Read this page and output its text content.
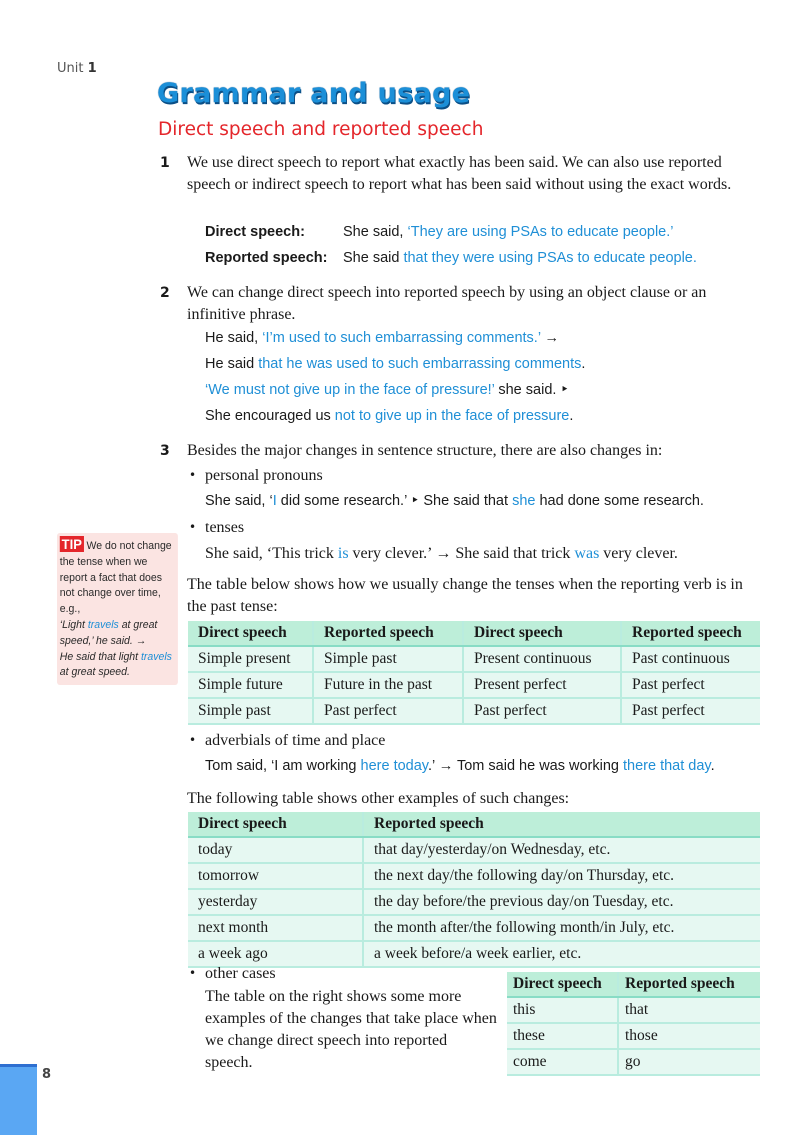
Unit 1
Grammar and usage
Direct speech and reported speech
1 We use direct speech to report what exactly has been said. We can also use reported speech or indirect speech to report what has been said without using the exact words.
Direct speech:	She said, ‘They are using PSAs to educate people.’
Reported speech: She said that they were using PSAs to educate people.
2 We can change direct speech into reported speech by using an object clause or an infinitive phrase.
He said, ‘I’m used to such embarrassing comments.’ →
He said that he was used to such embarrassing comments.
‘We must not give up in the face of pressure!’ she said. ‣
She encouraged us not to give up in the face of pressure.
3 Besides the major changes in sentence structure, there are also changes in:
• personal pronouns
She said, ‘I did some research.’ ‣ She said that she had done some research.
• tenses
She said, ‘This trick is very clever.’ → She said that trick was very clever.
The table below shows how we usually change the tenses when the reporting verb is in the past tense:
Direct speech	Reported speech	Direct speech	Reported speech
Simple present	Simple past	Present continuous	Past continuous
Simple future	Future in the past	Present perfect	Past perfect
Simple past	Past perfect	Past perfect	Past perfect
• adverbials of time and place
Tom said, ‘I am working here today.’ → Tom said he was working there that day.
The following table shows other examples of such changes:
Direct speech	Reported speech
today	that day/yesterday/on Wednesday, etc.
tomorrow	the next day/the following day/on Thursday, etc.
yesterday	the day before/the previous day/on Tuesday, etc.
next month	the month after/the following month/in July, etc.
a week ago	a week before/a week earlier, etc.
• other cases
The table on the right shows some more examples of the changes that take place when we change direct speech into reported speech.
Direct speech	Reported speech
this	that
these	those
come	go
TIP We do not change the tense when we report a fact that does not change over time, e.g.,
‘Light travels at great speed,’ he said. →
He said that light travels at great speed.
8
